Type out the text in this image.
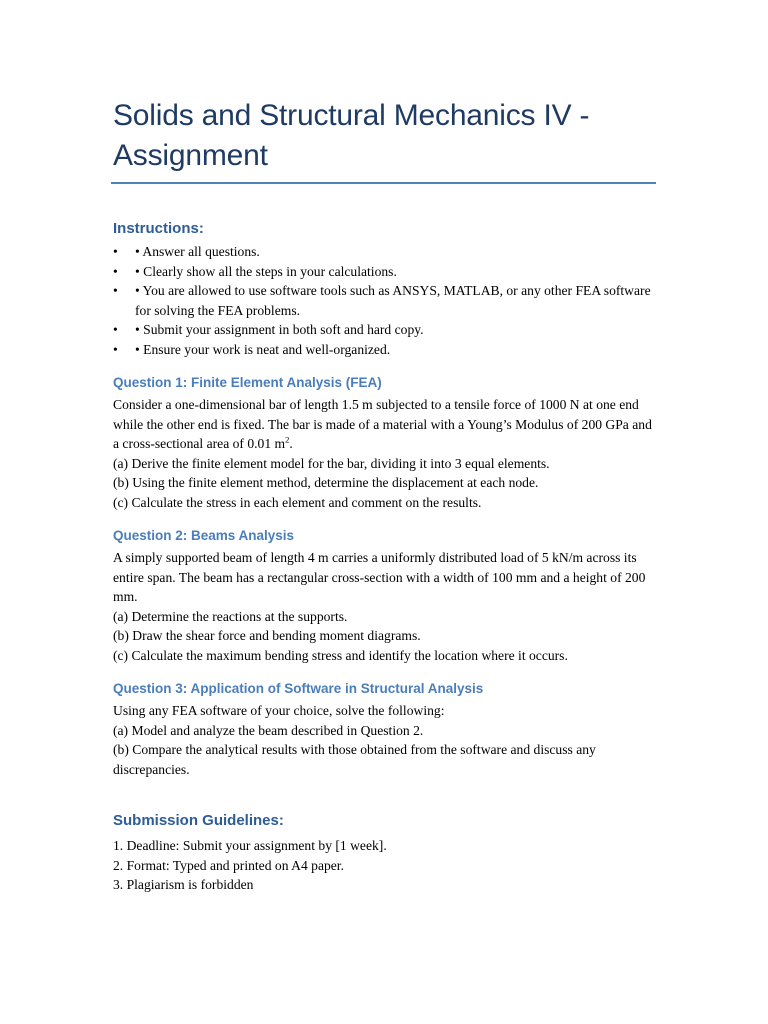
Solids and Structural Mechanics IV - Assignment
Instructions:
• • Answer all questions.
• • Clearly show all the steps in your calculations.
• • You are allowed to use software tools such as ANSYS, MATLAB, or any other FEA software for solving the FEA problems.
• • Submit your assignment in both soft and hard copy.
• • Ensure your work is neat and well-organized.
Question 1: Finite Element Analysis (FEA)

Consider a one-dimensional bar of length 1.5 m subjected to a tensile force of 1000 N at one end while the other end is fixed. The bar is made of a material with a Young’s Modulus of 200 GPa and a cross-sectional area of 0.01 $m^2$.

(a) Derive the finite element model for the bar, dividing it into 3 equal elements.

(b) Using the finite element method, determine the displacement at each node.

(c) Calculate the stress in each element and comment on the results.

Question 2: Beams Analysis

A simply supported beam of length 4 m carries a uniformly distributed load of 5 kN/m across its entire span. The beam has a rectangular cross-section with a width of 100 mm and a height of 200 mm.

(a) Determine the reactions at the supports.

(b) Draw the shear force and bending moment diagrams.

(c) Calculate the maximum bending stress and identify the location where it occurs.

Question 3: Application of Software in Structural Analysis

Using any FEA software of your choice, solve the following:

(a) Model and analyze the beam described in Question 2.

(b) Compare the analytical results with those obtained from the software and discuss any discrepancies.

Submission Guidelines:

1. Deadline: Submit your assignment by [1 week].

2. Format: Typed and printed on A4 paper.

3. Plagiarism is forbidden
